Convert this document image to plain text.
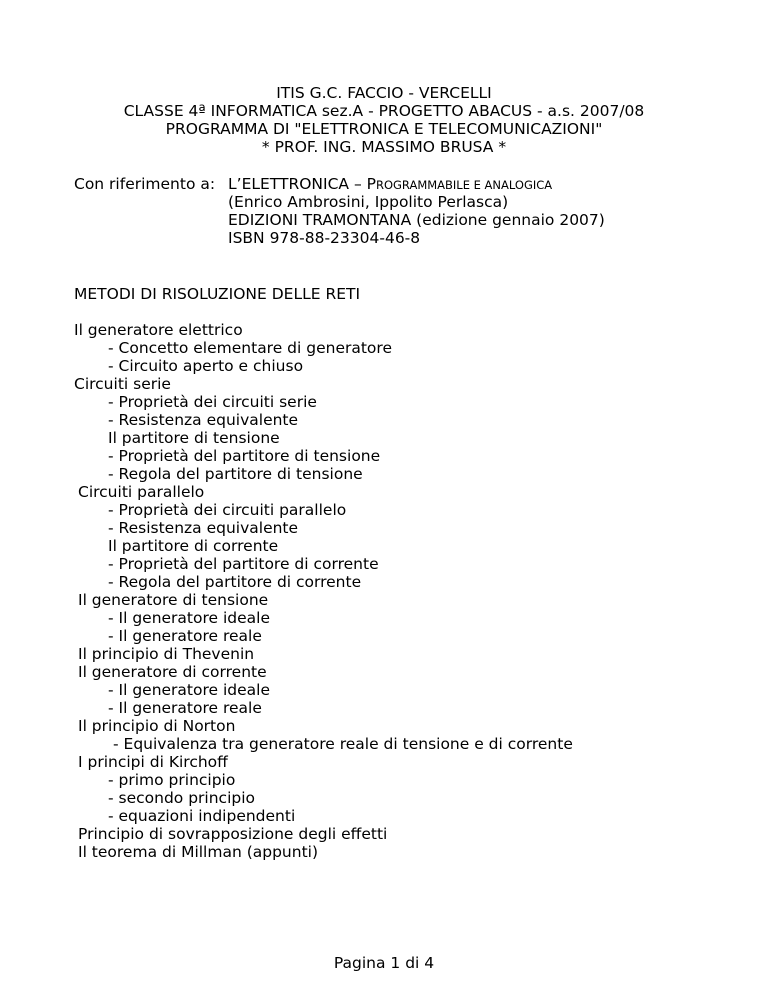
ITIS G.C. FACCIO - VERCELLI
CLASSE 4ª INFORMATICA sez.A - PROGETTO ABACUS - a.s. 2007/08
PROGRAMMA DI "ELETTRONICA E TELECOMUNICAZIONI"
* PROF. ING. MASSIMO BRUSA *
Con riferimento a: L’ELETTRONICA – PROGRAMMABILE E ANALOGICA
(Enrico Ambrosini, Ippolito Perlasca)
EDIZIONI TRAMONTANA (edizione gennaio 2007)
ISBN 978-88-23304-46-8
METODI DI RISOLUZIONE DELLE RETI
Il generatore elettrico
- Concetto elementare di generatore
- Circuito aperto e chiuso
Circuiti serie
- Proprietà dei circuiti serie
- Resistenza equivalente
Il partitore di tensione
- Proprietà del partitore di tensione
- Regola del partitore di tensione
Circuiti parallelo
- Proprietà dei circuiti parallelo
- Resistenza equivalente
Il partitore di corrente
- Proprietà del partitore di corrente
- Regola del partitore di corrente
Il generatore di tensione
- Il generatore ideale
- Il generatore reale
Il principio di Thevenin
Il generatore di corrente
- Il generatore ideale
- Il generatore reale
Il principio di Norton
- Equivalenza tra generatore reale di tensione e di corrente
I principi di Kirchoff
- primo principio
- secondo principio
- equazioni indipendenti
Principio di sovrapposizione degli effetti
Il teorema di Millman (appunti)
Pagina 1 di 4
